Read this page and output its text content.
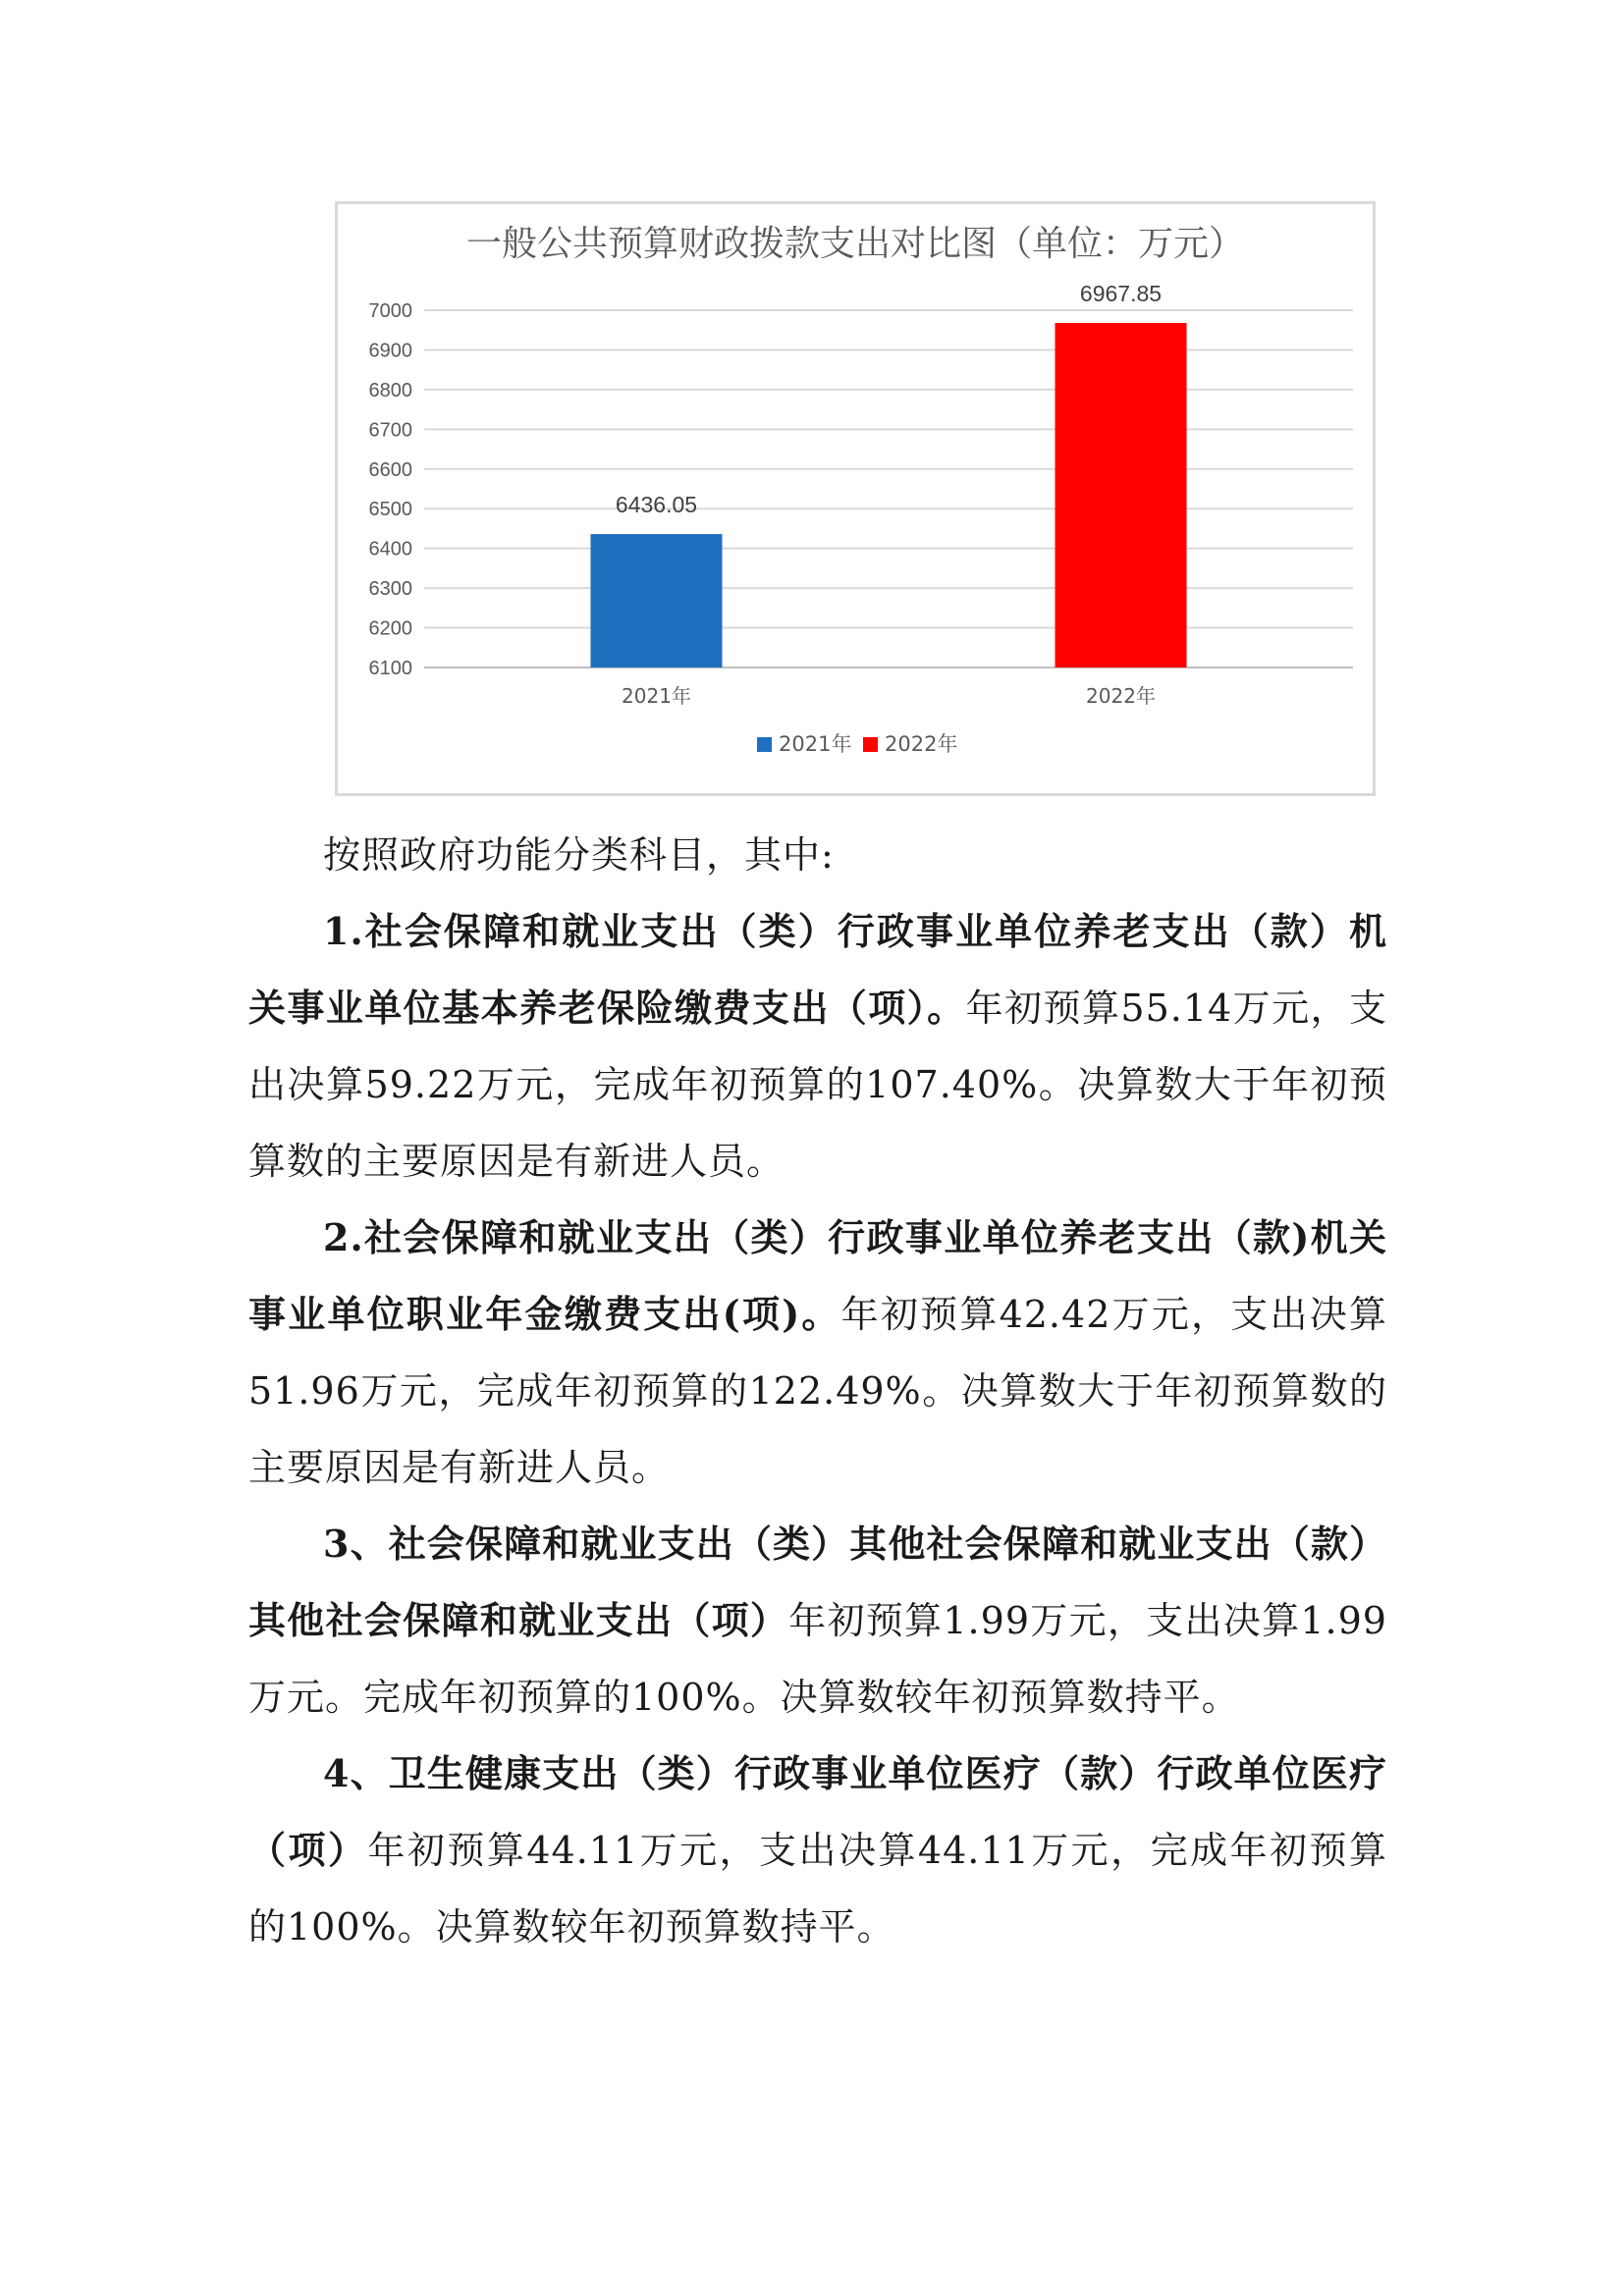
一般公共预算财政拨款支出对比图（单位：万元）
6100
6200
6300
6400
6500
6600
6700
6800
6900
7000
6436.05
2021年
6967.85
2022年
2021年 2022年

按照政府功能分类科目，其中:

1.社会保障和就业支出（类）行政事业单位养老支出（款）机关事业单位基本养老保险缴费支出（项）。年初预算55.14万元，支出决算59.22万元，完成年初预算的107.40%。决算数大于年初预算数的主要原因是有新进人员。

2.社会保障和就业支出（类）行政事业单位养老支出（款)机关事业单位职业年金缴费支出(项)。年初预算42.42万元，支出决算51.96万元，完成年初预算的122.49%。决算数大于年初预算数的主要原因是有新进人员。

3、社会保障和就业支出（类）其他社会保障和就业支出（款）其他社会保障和就业支出（项）年初预算1.99万元，支出决算1.99万元。完成年初预算的100%。决算数较年初预算数持平。

4、卫生健康支出（类）行政事业单位医疗（款）行政单位医疗（项）年初预算44.11万元，支出决算44.11万元，完成年初预算的100%。决算数较年初预算数持平。
